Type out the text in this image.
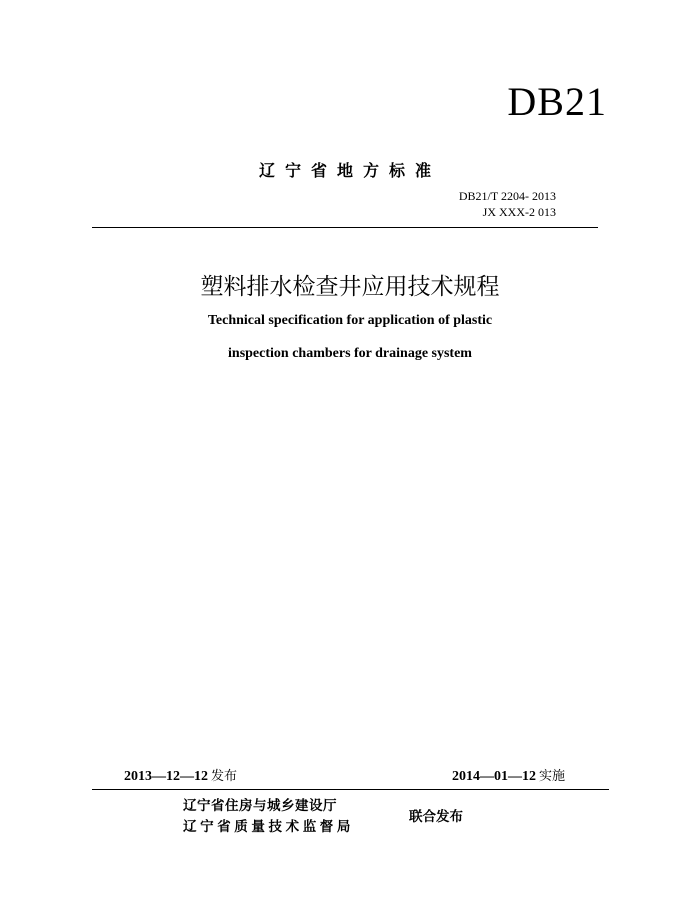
DB21
辽宁省地方标准
DB21/T 2204- 2013
JX XXX-2 013
塑料排水检查井应用技术规程
Technical specification for application of plastic
inspection chambers for drainage system
2013—12—12 发布	2014—01—12 实施
辽宁省住房与城乡建设厅
辽宁省质量技术监督局
联合发布
